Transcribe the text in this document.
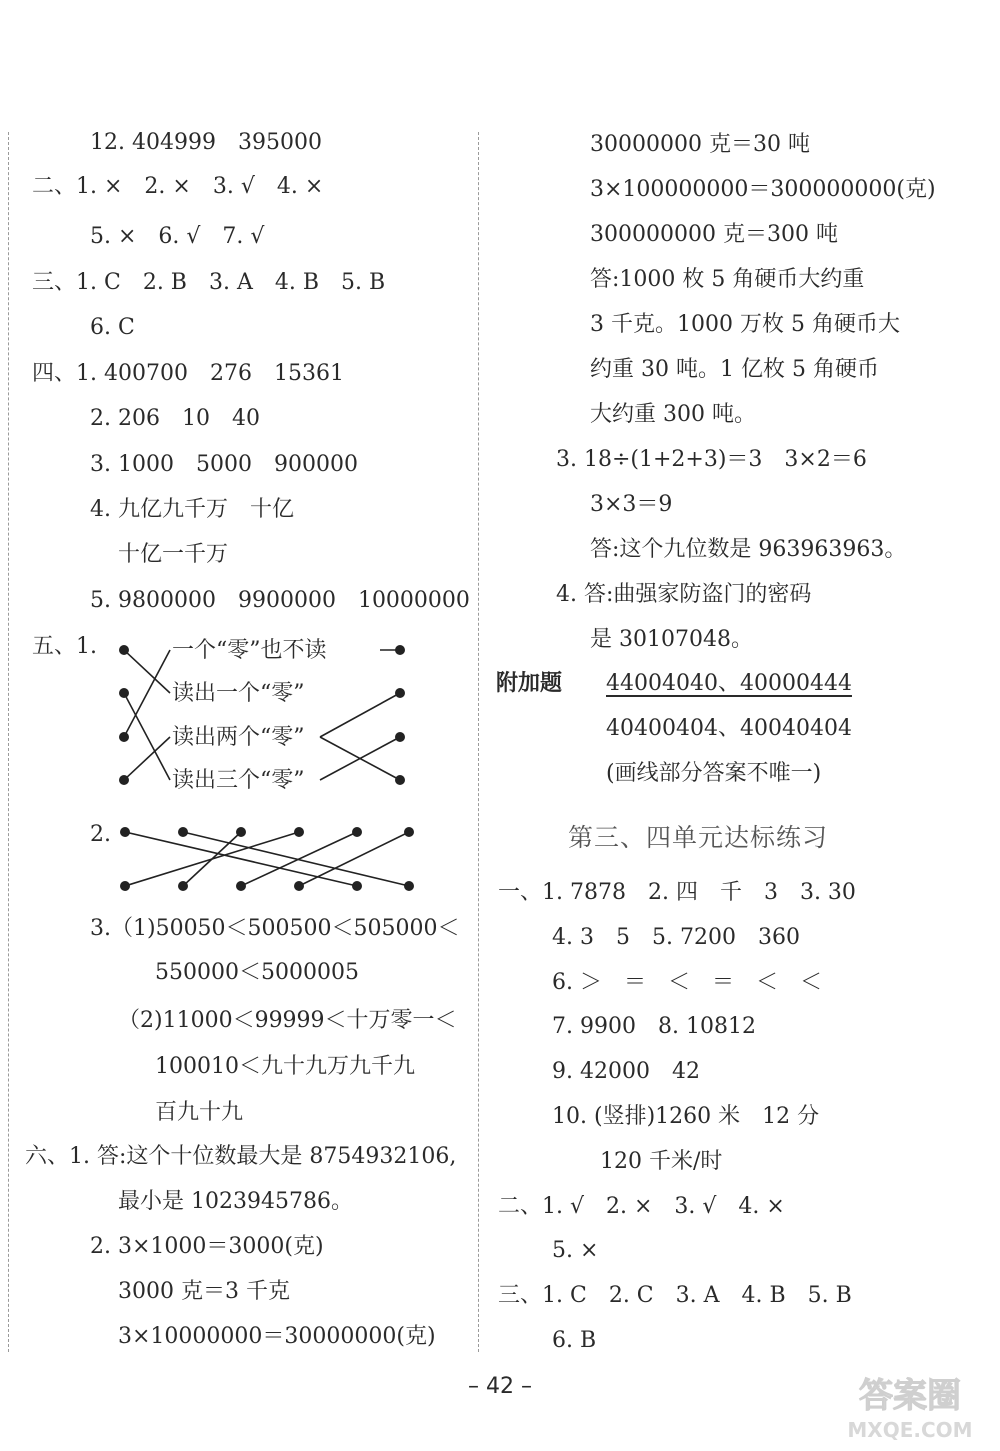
12. 404999　395000
二、1. ×　2. ×　3. √　4. ×
5. ×　6. √　7. √
三、1. C　2. B　3. A　4. B　5. B
6. C
四、1. 400700　276　15361
2. 206　10　40
3. 1000　5000　900000
4. 九亿九千万　十亿
十亿一千万
5. 9800000　9900000　10000000
五、1.	一个“零”也不读
读出一个“零”
读出两个“零”
读出三个“零”
2.
3.（1)50050＜500500＜505000＜
550000＜5000005
（2)11000＜99999＜十万零一＜
100010＜九十九万九千九
百九十九
六、1. 答:这个十位数最大是 8754932106,
最小是 1023945786。
2. 3×1000＝3000(克)
3000 克＝3 千克
3×10000000＝30000000(克)
30000000 克＝30 吨
3×100000000＝300000000(克)
300000000 克＝300 吨
答:1000 枚 5 角硬币大约重
3 千克。1000 万枚 5 角硬币大
约重 30 吨。1 亿枚 5 角硬币
大约重 300 吨。
3. 18÷(1+2+3)＝3　3×2＝6
3×3＝9
答:这个九位数是 963963963。
4. 答:曲强家防盗门的密码
是 30107048。
附加题 44004040、40000444
40400404、40040404
(画线部分答案不唯一)
第三、四单元达标练习
一、1. 7878　2. 四　千　3　3. 30
4. 3　5　5. 7200　360
6. ＞　＝　＜　＝　＜　＜
7. 9900　8. 10812
9. 42000　42
10. (竖排)1260 米　12 分
120 千米/时
二、1. √　2. ×　3. √　4. ×
5. ×
三、1. C　2. C　3. A　4. B　5. B
6. B
– 42 –	答案圈
MXQE.COM
